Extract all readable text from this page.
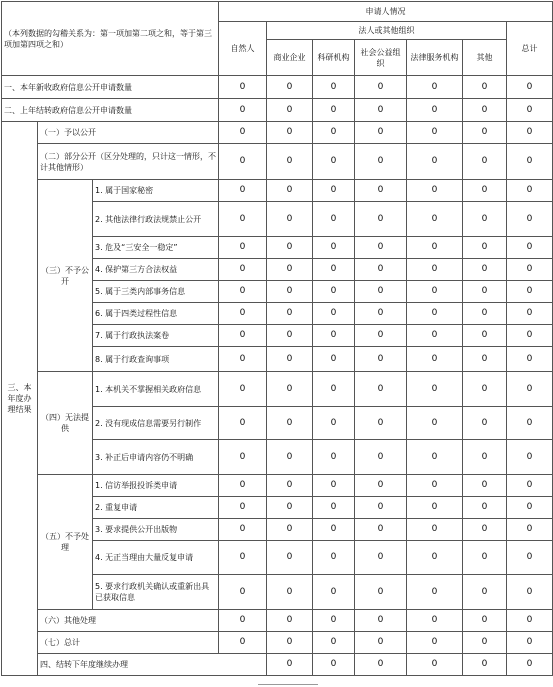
（本列数据的勾稽关系为：第一项加第二项之和，等于第三项加第四项之和）			申请人情况							
			自然人	法人或其他组织					总计	
				商业企业	科研机构	社会公益组织	法律服务机构	其他		
一、本年新收政府信息公开申请数量			0	0	0	0	0	0	0	
二、上年结转政府信息公开申请数量			0	0	0	0	0	0	0	

三、本年度办理结果	（一）予以公开		0	0	0	0	0	0	0	
	（二）部分公开（区分处理的，只计这一情形，不计其他情形）		0	0	0	0	0	0	0	
	（三）不予公开	1. 属于国家秘密	0	0	0	0	0	0	0	
		2. 其他法律行政法规禁止公开	0	0	0	0	0	0	0	
		3. 危及“三安全一稳定”	0	0	0	0	0	0	0	
		4. 保护第三方合法权益	0	0	0	0	0	0	0	
		5. 属于三类内部事务信息	0	0	0	0	0	0	0	
		6. 属于四类过程性信息	0	0	0	0	0	0	0	
		7. 属于行政执法案卷	0	0	0	0	0	0	0	
		8. 属于行政查询事项	0	0	0	0	0	0	0	
	（四）无法提供	1. 本机关不掌握相关政府信息	0	0	0	0	0	0	0	
		2. 没有现成信息需要另行制作	0	0	0	0	0	0	0	
		3. 补正后申请内容仍不明确	0	0	0	0	0	0	0	
	（五）不予处理	1. 信访举报投诉类申请	0	0	0	0	0	0	0	
		2. 重复申请	0	0	0	0	0	0	0	
		3. 要求提供公开出版物	0	0	0	0	0	0	0	
		4. 无正当理由大量反复申请	0	0	0	0	0	0	0	
		5. 要求行政机关确认或重新出具已获取信息	0	0	0	0	0	0	0	
	（六）其他处理		0	0	0	0	0	0	0	
	（七）总计		0	0	0	0	0	0	0	
	四、结转下年度继续办理			0	0	0	0	0	0	
